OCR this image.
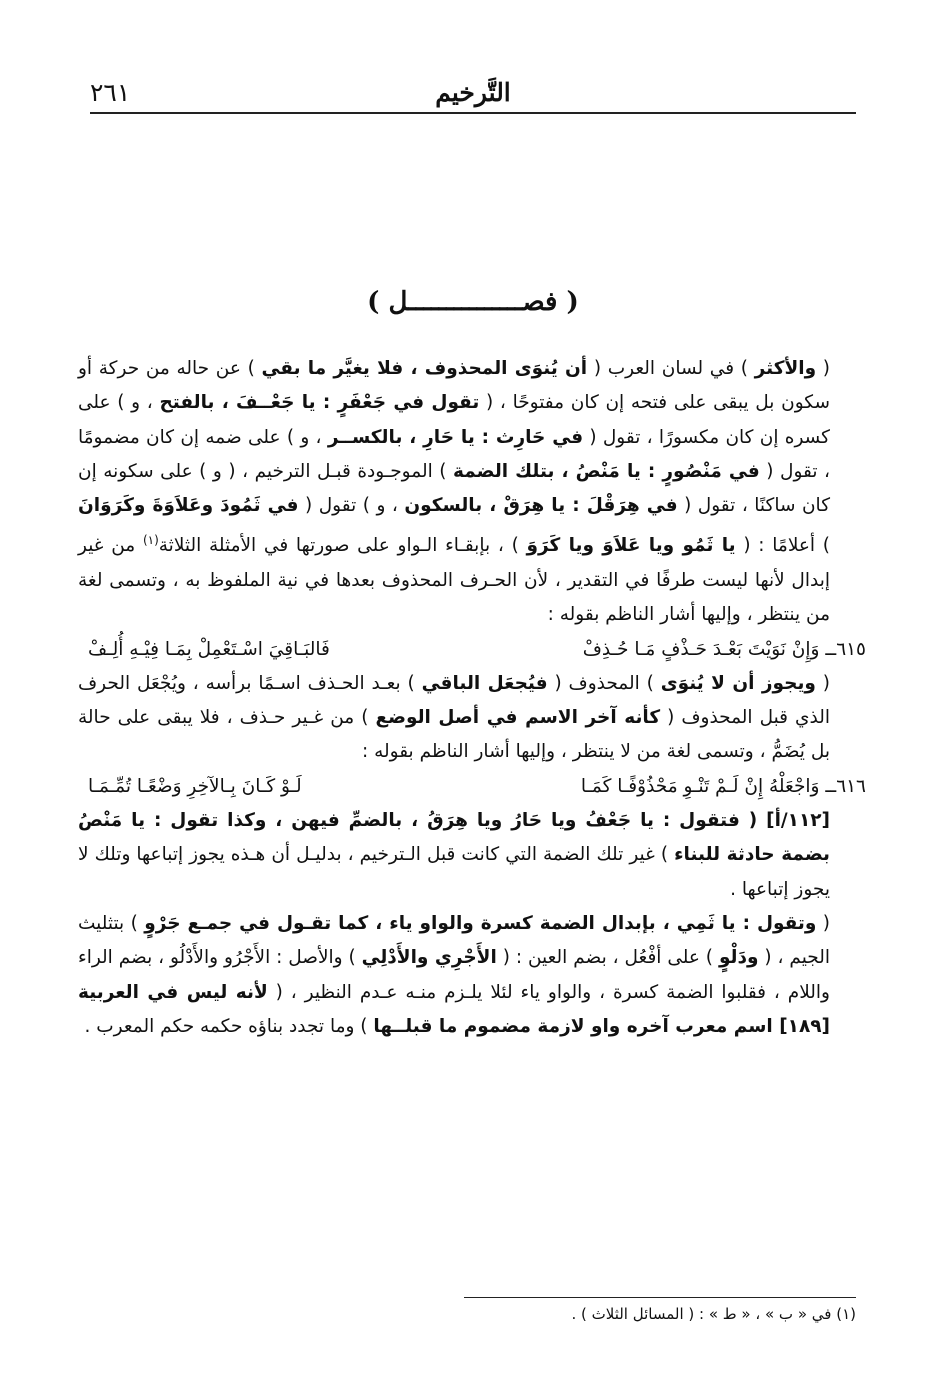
التَّرخيم
٢٦١
( فصـــــــــــــــل )

( والأكثر ) في لسان العرب ( أن يُنوَى المحذوف ، فلا يغيَّر ما بقي ) عن حاله من حركة أو سكون بل يبقى على فتحه إن كان مفتوحًا ، ( تقول في جَعْفَرٍ : يا جَعْــفَ ، بالفتح ، و ) على كسره إن كان مكسورًا ، تقول ( في حَارِث : يا حَارِ ، بالكســر ، و ) على ضمه إن كان مضمومًا ، تقول ( في مَنْصُورٍ : يا مَنْصُ ، بتلك الضمة ) الموجـودة قبـل الترخيم ، ( و ) على سكونه إن كان ساكنًا ، تقول ( في هِرَقْلَ : يا هِرَقْ ، بالسكون ، و ) تقول ( في ثَمُودَ وعَلاَوَةَ وكَرَوَانَ ) أعلامًا : ( يا ثَمُو ويا عَلاَوَ ويا كَرَوَ ) ، بإبقـاء الـواو على صورتها في الأمثلة الثلاثة$^{(١)}$ من غير إبدال لأنها ليست طرفًا في التقدير ، لأن الحـرف المحذوف بعدها في نية الملفوظ به ، وتسمى لغة من ينتظر ، وإليها أشار الناظم بقوله :

٦١٥ــ وَإِنْ نَوَيْتَ بَعْـدَ حَـذْفٍ مَـا حُـذِفْ
فَالبَـاقِيَ اسْـتَعْمِلْ بِمَـا فِيْـهِ أُلِـفْ

( ويجوز أن لا يُنوَى ) المحذوف ( فيُجعَل الباقي ) بعـد الحـذف اسـمًا برأسه ، ويُجْعَل الحرف الذي قبل المحذوف ( كأنه آخر الاسم في أصل الوضع ) من غـير حـذف ، فلا يبقى على حالة بل يُضَمُّ ، وتسمى لغة من لا ينتظر ، وإليها أشار الناظم بقوله :

٦١٦ــ وَاجْعَلْهُ إِنْ لَـمْ تَنْـوِ مَحْذُوْفًـا كَمَـا
لَـوْ كَـانَ بِـالآخِرِ وَضْعًـا تُمِّـمَـا

[١١٢/أ] ( فتقول : يا جَعْفُ ويا حَارُ ويا هِرَقُ ، بالضمِّ فيهن ، وكذا تقول : يا مَنْصُ بضمة حادثة للبناء ) غير تلك الضمة التي كانت قبل الـترخيم ، بدليـل أن هـذه يجوز إتباعها وتلك لا يجوز إتباعها .

( وتقول : يا ثَمِي ، بإبدال الضمة كسرة والواو ياء ، كما تقـول في جمـع جَرْوٍ ) بتثليث الجيم ، ( ودَلْوٍ ) على أفْعُل ، بضم العين : ( الأَجْرِي والأَدْلِي ) والأصل : الأَجْرُو والأَدْلُو ، بضم الراء واللام ، فقلبوا الضمة كسرة ، والواو ياء لئلا يلـزم منـه عـدم النظير ، ( لأنه ليس في العربية [١٨٩] اسم معرب آخره واو لازمة مضموم ما قبلــها ) وما تجدد بناؤه حكمه حكم المعرب .

(١) في « ب » ، « ط » : ( المسائل الثلاث ) .
